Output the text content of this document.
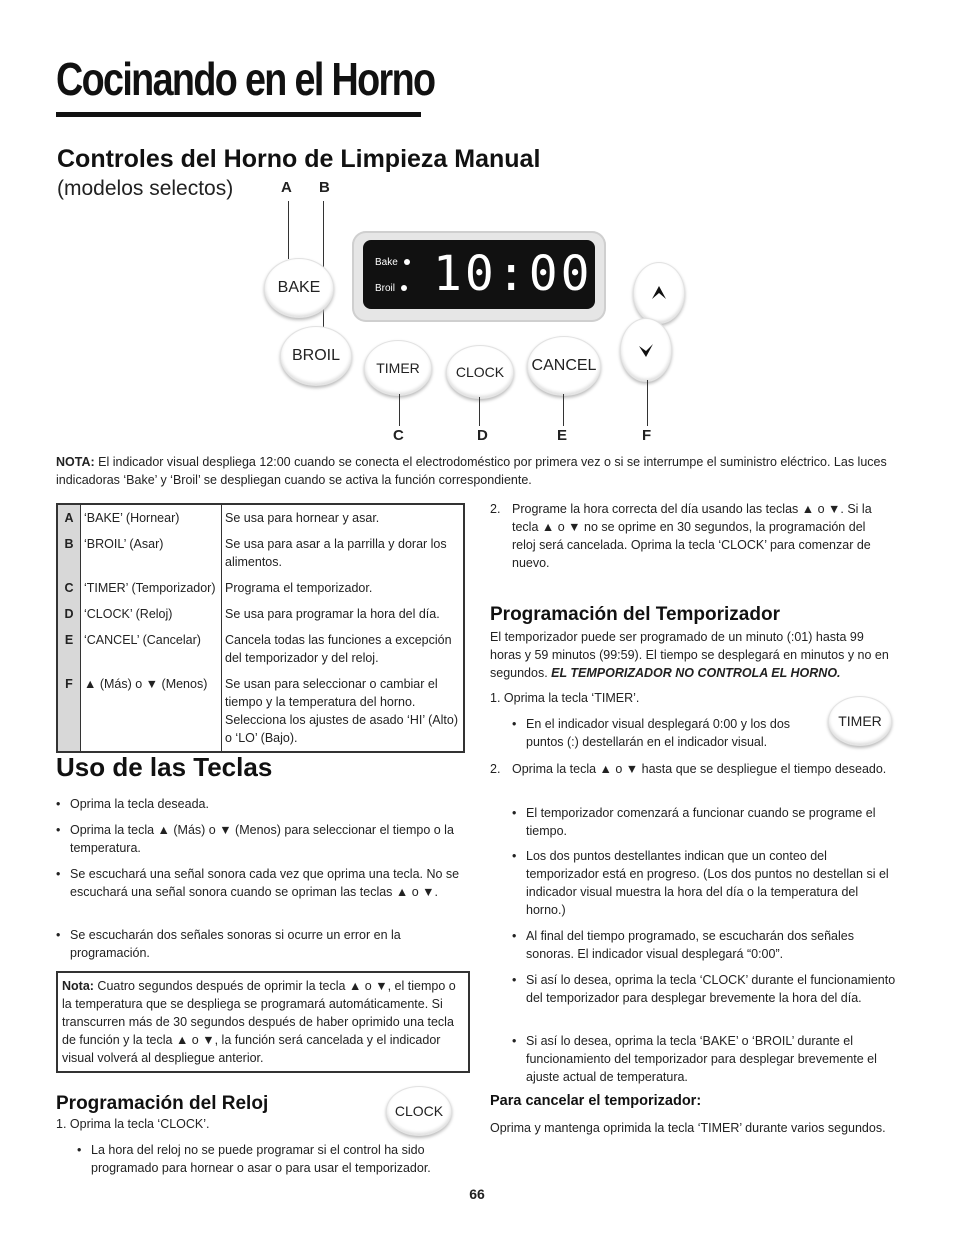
Cocinando en el Horno
Controles del Horno de Limpieza Manual
(modelos selectos)	A B
BAKE
BROIL
TIMER	CLOCK	CANCEL
Bake
Broil 10:00
C	D	E	F
NOTA: El indicador visual despliega 12:00 cuando se conecta el electrodoméstico por primera vez o si se interrumpe el suministro eléctrico. Las luces indicadoras ‘Bake’ y ‘Broil’ se despliegan cuando se activa la función correspondiente.
A	‘BAKE’ (Hornear)	Se usa para hornear y asar.
B	‘BROIL’ (Asar)	Se usa para asar a la parrilla y dorar los alimentos.
C	‘TIMER’ (Temporizador)	Programa el temporizador.
D	‘CLOCK’ (Reloj)	Se usa para programar la hora del día.
E	‘CANCEL’ (Cancelar)	Cancela todas las funciones a excepción del temporizador y del reloj.
F	▲ (Más) o ▼ (Menos)	Se usan para seleccionar o cambiar el tiempo y la temperatura del horno. Selecciona los ajustes de asado ‘HI’ (Alto) o ‘LO’ (Bajo).
Uso de las Teclas
• Oprima la tecla deseada.
• Oprima la tecla ▲ (Más) o ▼ (Menos) para seleccionar el tiempo o la temperatura.
• Se escuchará una señal sonora cada vez que oprima una tecla. No se escuchará una señal sonora cuando se opriman las teclas ▲ o ▼.
• Se escucharán dos señales sonoras si ocurre un error en la programación.
Nota: Cuatro segundos después de oprimir la tecla ▲ o ▼, el tiempo o la temperatura que se despliega se programará automáticamente. Si transcurren más de 30 segundos después de haber oprimido una tecla de función y la tecla ▲ o ▼, la función será cancelada y el indicador visual volverá al despliegue anterior.
Programación del Reloj	CLOCK
1. Oprima la tecla ‘CLOCK’.
• La hora del reloj no se puede programar si el control ha sido programado para hornear o asar o para usar el temporizador.
2. Programe la hora correcta del día usando las teclas ▲ o ▼. Si la tecla ▲ o ▼ no se oprime en 30 segundos, la programación del reloj será cancelada. Oprima la tecla ‘CLOCK’ para comenzar de nuevo.
Programación del Temporizador
El temporizador puede ser programado de un minuto (:01) hasta 99 horas y 59 minutos (99:59). El tiempo se desplegará en minutos y no en segundos. EL TEMPORIZADOR NO CONTROLA EL HORNO.
1. Oprima la tecla ‘TIMER’.
• En el indicador visual desplegará 0:00 y los dos puntos (:) destellarán en el indicador visual.
TIMER
2. Oprima la tecla ▲ o ▼ hasta que se despliegue el tiempo deseado.
• El temporizador comenzará a funcionar cuando se programe el tiempo.
• Los dos puntos destellantes indican que un conteo del temporizador está en progreso. (Los dos puntos no destellan si el indicador visual muestra la hora del día o la temperatura del horno.)
• Al final del tiempo programado, se escucharán dos señales sonoras. El indicador visual desplegará “0:00”.
• Si así lo desea, oprima la tecla ‘CLOCK’ durante el funcionamiento del temporizador para desplegar brevemente la hora del día.
• Si así lo desea, oprima la tecla ‘BAKE’ o ‘BROIL’ durante el funcionamiento del temporizador para desplegar brevemente el ajuste actual de temperatura.
Para cancelar el temporizador:
Oprima y mantenga oprimida la tecla ‘TIMER’ durante varios segundos.
66
